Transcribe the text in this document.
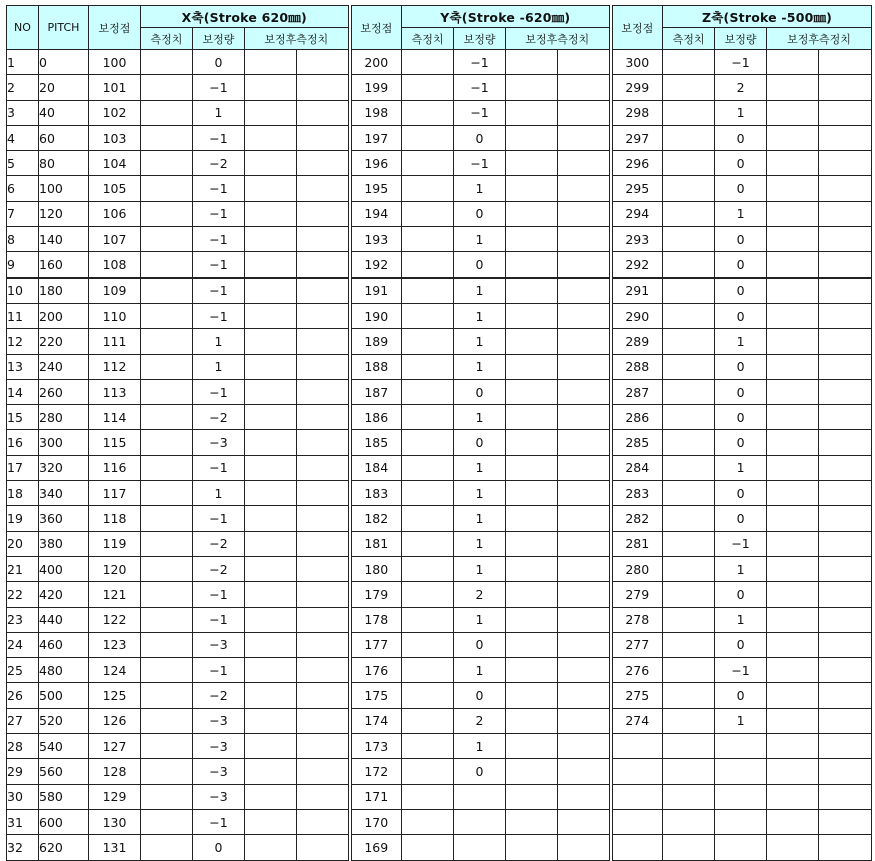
NO	PITCH	보정점	X축(Stroke 620㎜)				보정점	Y축(Stroke -620㎜)				보정점	Z축(Stroke -500㎜)			
			측정치	보정량	보정후측정치			측정치	보정량	보정후측정치			측정치	보정량	보정후측정치	
1	0	100		0			200		−1			300		−1		
2	20	101		−1			199		−1			299		2		
3	40	102		1			198		−1			298		1		
4	60	103		−1			197		0			297		0		
5	80	104		−2			196		−1			296		0		
6	100	105		−1			195		1			295		0		
7	120	106		−1			194		0			294		1		
8	140	107		−1			193		1			293		0		
9	160	108		−1			192		0			292		0		
10	180	109		−1			191		1			291		0		
11	200	110		−1			190		1			290		0		
12	220	111		1			189		1			289		1		
13	240	112		1			188		1			288		0		
14	260	113		−1			187		0			287		0		
15	280	114		−2			186		1			286		0		
16	300	115		−3			185		0			285		0		
17	320	116		−1			184		1			284		1		
18	340	117		1			183		1			283		0		
19	360	118		−1			182		1			282		0		
20	380	119		−2			181		1			281		−1		
21	400	120		−2			180		1			280		1		
22	420	121		−1			179		2			279		0		
23	440	122		−1			178		1			278		1		
24	460	123		−3			177		0			277		0		
25	480	124		−1			176		1			276		−1		
26	500	125		−2			175		0			275		0		
27	520	126		−3			174		2			274		1		
28	540	127		−3			173		1							
29	560	128		−3			172		0							
30	580	129		−3			171									
31	600	130		−1			170									
32	620	131		0			169									
